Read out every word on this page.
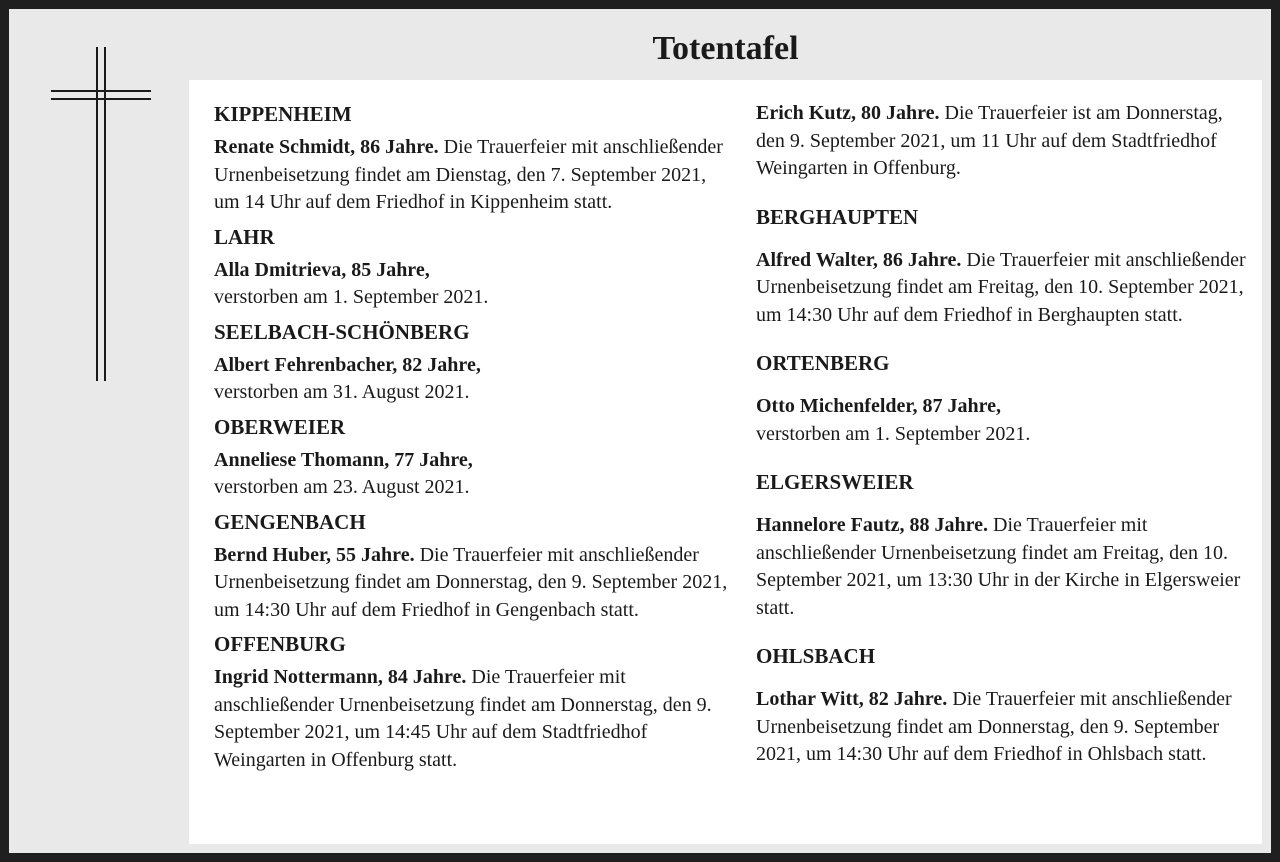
Totentafel
KIPPENHEIM
Renate Schmidt, 86 Jahre. Die Trauerfeier mit anschließender Urnenbeisetzung findet am Dienstag, den 7. September 2021, um 14 Uhr auf dem Friedhof in Kippenheim statt.
LAHR
Alla Dmitrieva, 85 Jahre,
verstorben am 1. September 2021.
SEELBACH-SCHÖNBERG
Albert Fehrenbacher, 82 Jahre,
verstorben am 31. August 2021.
OBERWEIER
Anneliese Thomann, 77 Jahre,
verstorben am 23. August 2021.
GENGENBACH
Bernd Huber, 55 Jahre. Die Trauerfeier mit anschließender Urnenbeisetzung findet am Donnerstag, den 9. September 2021, um 14:30 Uhr auf dem Friedhof in Gengenbach statt.
OFFENBURG
Ingrid Nottermann, 84 Jahre. Die Trauerfeier mit anschließender Urnenbeisetzung findet am Donnerstag, den 9. September 2021, um 14:45 Uhr auf dem Stadtfriedhof Weingarten in Offenburg statt.
Erich Kutz, 80 Jahre. Die Trauerfeier ist am Donnerstag, den 9. September 2021, um 11 Uhr auf dem Stadtfriedhof Weingarten in Offenburg.
BERGHAUPTEN
Alfred Walter, 86 Jahre. Die Trauerfeier mit anschließender Urnenbeisetzung findet am Freitag, den 10. September 2021, um 14:30 Uhr auf dem Friedhof in Berghaupten statt.
ORTENBERG
Otto Michenfelder, 87 Jahre,
verstorben am 1. September 2021.
ELGERSWEIER
Hannelore Fautz, 88 Jahre. Die Trauerfeier mit anschließender Urnenbeisetzung findet am Freitag, den 10. September 2021, um 13:30 Uhr in der Kirche in Elgersweier statt.
OHLSBACH
Lothar Witt, 82 Jahre. Die Trauerfeier mit anschließender Urnenbeisetzung findet am Donnerstag, den 9. September 2021, um 14:30 Uhr auf dem Friedhof in Ohlsbach statt.
